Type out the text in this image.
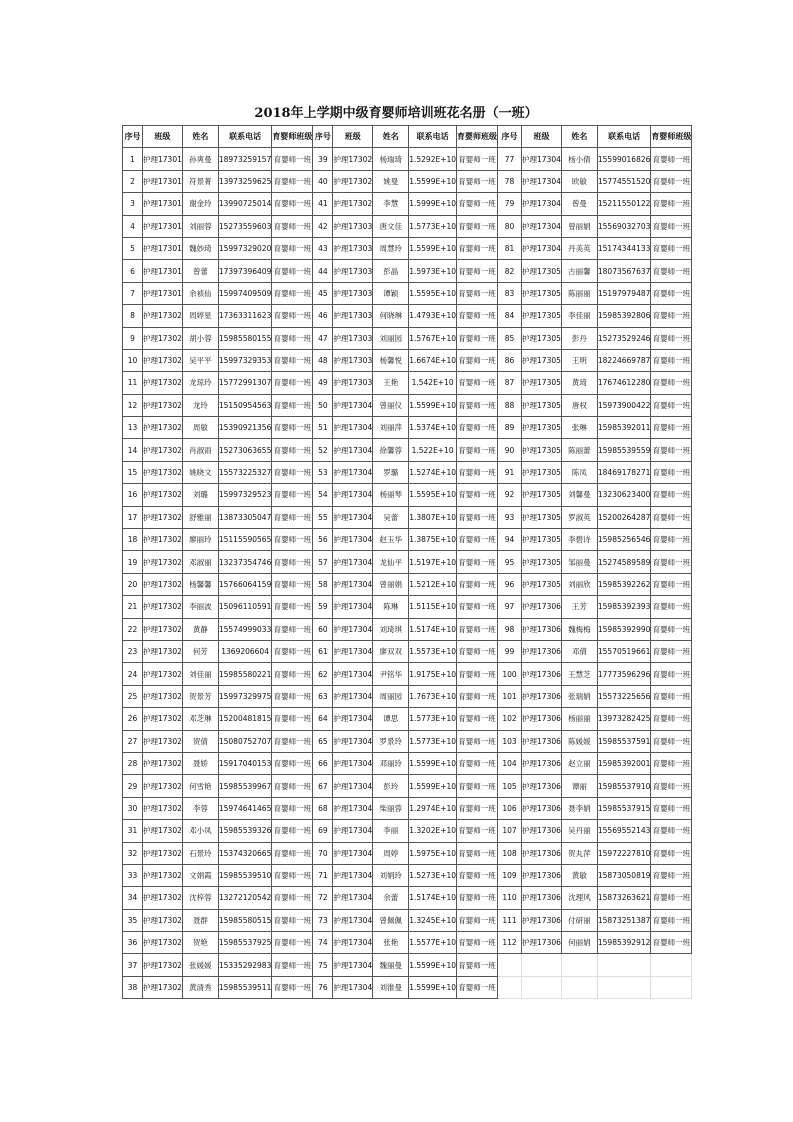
2018年上学期中级育婴师培训班花名册（一班）
序号	班级	姓名	联系电话	育婴师班级	序号	班级	姓名	联系电话	育婴师班级	序号	班级	姓名	联系电话	育婴师班级
1	护理17301	孙爽曼	18973259157	育婴师一班	39	护理17302	杨瑞琦	1.5292E+10	育婴师一班	77	护理17304	杨小倩	15599016826	育婴师一班
2	护理17301	符景菁	13973259625	育婴师一班	40	护理17302	姚曼	1.5599E+10	育婴师一班	78	护理17304	欧敏	15774551520	育婴师一班
3	护理17301	谢金玲	13990725014	育婴师一班	41	护理17302	李慧	1.5999E+10	育婴师一班	79	护理17304	曾曼	15211550122	育婴师一班
4	护理17301	刘丽蓉	15273559603	育婴师一班	42	护理17303	唐文佳	1.5773E+10	育婴师一班	80	护理17304	曾丽娟	15569032703	育婴师一班
5	护理17301	魏妙琦	15997329020	育婴师一班	43	护理17303	周慧玲	1.5599E+10	育婴师一班	81	护理17304	丹美英	15174344133	育婴师一班
6	护理17301	曾蕾	17397396409	育婴师一班	44	护理17303	彭晶	1.5973E+10	育婴师一班	82	护理17305	古丽馨	18073567637	育婴师一班
7	护理17301	余祯仙	15997409509	育婴师一班	45	护理17303	谭颖	1.5595E+10	育婴师一班	83	护理17305	陈丽丽	15197979487	育婴师一班
8	护理17302	周婷星	17363311623	育婴师一班	46	护理17303	何晓琳	1.4793E+10	育婴师一班	84	护理17305	李佳丽	15985392806	育婴师一班
9	护理17302	胡小蓉	15985580155	育婴师一班	47	护理17303	刘丽园	1.5767E+10	育婴师一班	85	护理17305	彭丹	15273529246	育婴师一班
10	护理17302	吴平平	15997329353	育婴师一班	48	护理17303	杨馨悦	1.6674E+10	育婴师一班	86	护理17305	王明	18224669787	育婴师一班
11	护理17302	龙琼玲	15772991307	育婴师一班	49	护理17303	王艳	1.542E+10	育婴师一班	87	护理17305	黄琦	17674612280	育婴师一班
12	护理17302	龙玲	15150954563	育婴师一班	50	护理17304	曾丽仪	1.5599E+10	育婴师一班	88	护理17305	唐权	15973900422	育婴师一班
13	护理17302	周敏	15390921356	育婴师一班	51	护理17304	刘丽萍	1.5374E+10	育婴师一班	89	护理17305	张琳	15985392011	育婴师一班
14	护理17302	肖淑雨	15273063655	育婴师一班	52	护理17304	徐馨蓉	1.522E+10	育婴师一班	90	护理17305	陈丽蕾	15985539559	育婴师一班
15	护理17302	姚晓文	15573225327	育婴师一班	53	护理17304	罗璐	1.5274E+10	育婴师一班	91	护理17305	陈凤	18469178271	育婴师一班
16	护理17302	刘璐	15997329523	育婴师一班	54	护理17304	杨丽琴	1.5595E+10	育婴师一班	92	护理17305	刘馨曼	13230623400	育婴师一班
17	护理17302	舒雅丽	13873305047	育婴师一班	55	护理17304	吴蕾	1.3807E+10	育婴师一班	93	护理17305	罗淑英	15200264287	育婴师一班
18	护理17302	廖丽玲	15115590565	育婴师一班	56	护理17304	赵玉华	1.3875E+10	育婴师一班	94	护理17305	李碧诗	15985256546	育婴师一班
19	护理17302	邓淑丽	13237354746	育婴师一班	57	护理17304	龙仙平	1.5197E+10	育婴师一班	95	护理17305	邹丽曼	15274589589	育婴师一班
20	护理17302	杨馨馨	15766064159	育婴师一班	58	护理17304	曾丽娟	1.5212E+10	育婴师一班	96	护理17305	刘丽欣	15985392262	育婴师一班
21	护理17302	李丽波	15096110591	育婴师一班	59	护理17304	陈琳	1.5115E+10	育婴师一班	97	护理17306	王芳	15985392393	育婴师一班
22	护理17302	黄静	15574999033	育婴师一班	60	护理17304	刘琦琪	1.5174E+10	育婴师一班	98	护理17306	魏梅梅	15985392990	育婴师一班
23	护理17302	何芳	1369206604	育婴师一班	61	护理17304	廖双双	1.5573E+10	育婴师一班	99	护理17306	邓倩	15570519661	育婴师一班
24	护理17302	刘佳丽	15985580221	育婴师一班	62	护理17304	尹铭华	1.9175E+10	育婴师一班	100	护理17306	王慧芝	17773596296	育婴师一班
25	护理17302	贺景芳	15997329975	育婴师一班	63	护理17304	周丽园	1.7673E+10	育婴师一班	101	护理17306	张瑞娟	15573225656	育婴师一班
26	护理17302	邓芝琳	15200481815	育婴师一班	64	护理17304	谭思	1.5773E+10	育婴师一班	102	护理17306	杨丽丽	13973282425	育婴师一班
27	护理17302	贺倩	15080752707	育婴师一班	65	护理17304	罗景玲	1.5773E+10	育婴师一班	103	护理17306	陈媛媛	15985537591	育婴师一班
28	护理17302	聂娇	15917040153	育婴师一班	66	护理17304	邓丽玲	1.5599E+10	育婴师一班	104	护理17306	赵立丽	15985392001	育婴师一班
29	护理17302	何雪艳	15985539967	育婴师一班	67	护理17304	彭玲	1.5599E+10	育婴师一班	105	护理17306	谭丽	15985537910	育婴师一班
30	护理17302	李蓉	15974641465	育婴师一班	68	护理17304	柴丽蓉	1.2974E+10	育婴师一班	106	护理17306	聂李娟	15985537915	育婴师一班
31	护理17302	邓小凤	15985539326	育婴师一班	69	护理17304	李丽	1.3202E+10	育婴师一班	107	护理17306	吴丹丽	15569552143	育婴师一班
32	护理17302	石景玲	15374320665	育婴师一班	70	护理17304	周婷	1.5975E+10	育婴师一班	108	护理17306	贺丸萍	15972227810	育婴师一班
33	护理17302	文娟霞	15985539510	育婴师一班	71	护理17304	刘娟玲	1.5273E+10	育婴师一班	109	护理17306	黄敏	15873050819	育婴师一班
34	护理17302	沈梓蓉	13272120542	育婴师一班	72	护理17304	余蕾	1.5174E+10	育婴师一班	110	护理17306	沈理风	15873263621	育婴师一班
35	护理17302	聂群	15985580515	育婴师一班	73	护理17304	曾佩佩	1.3245E+10	育婴师一班	111	护理17306	付研丽	15873251387	育婴师一班
36	护理17302	贺艳	15985537925	育婴师一班	74	护理17304	张艳	1.5577E+10	育婴师一班	112	护理17306	何丽娟	15985392912	育婴师一班
37	护理17302	张媛媛	15335292983	育婴师一班	75	护理17304	魏丽曼	1.5599E+10	育婴师一班					
38	护理17302	黄清秀	15985539511	育婴师一班	76	护理17304	刘淮曼	1.5599E+10	育婴师一班					
